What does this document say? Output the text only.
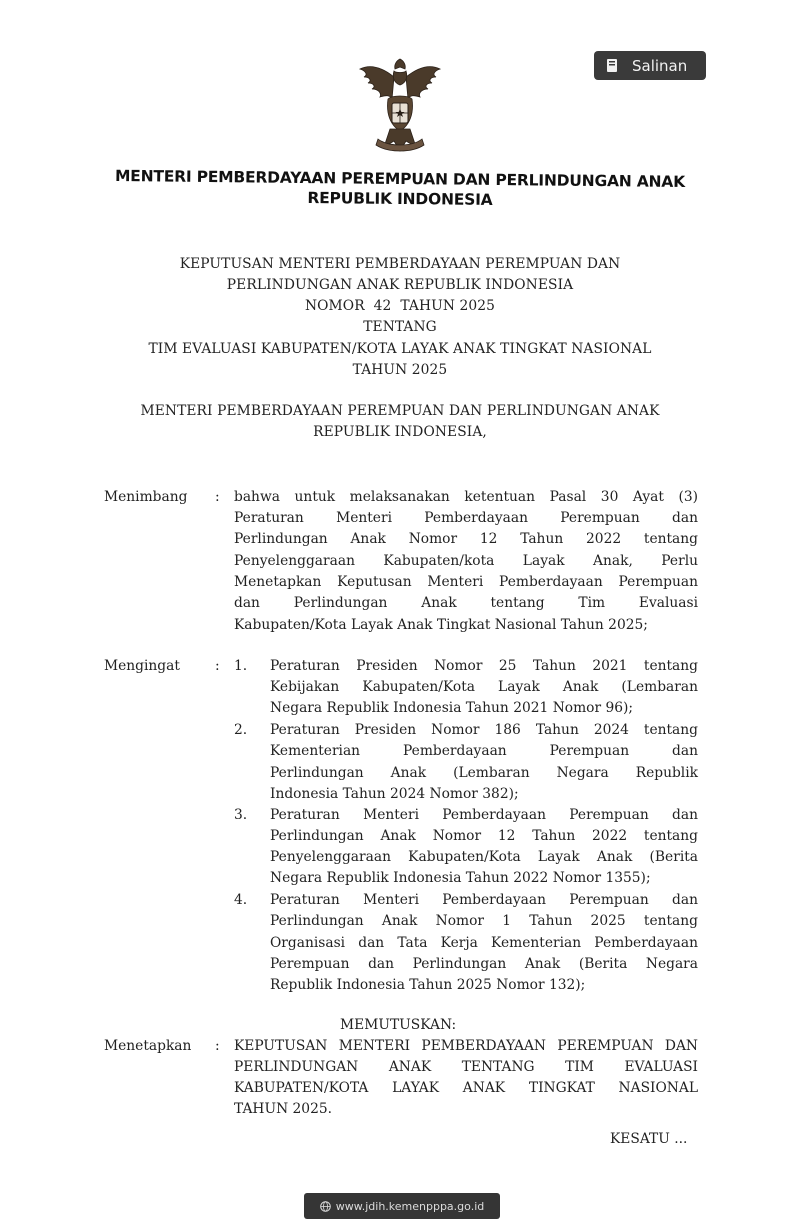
Salinan
MENTERI PEMBERDAYAAN PEREMPUAN DAN PERLINDUNGAN ANAK
REPUBLIK INDONESIA
KEPUTUSAN MENTERI PEMBERDAYAAN PEREMPUAN DAN
PERLINDUNGAN ANAK REPUBLIK INDONESIA
NOMOR  42  TAHUN 2025
TENTANG
TIM EVALUASI KABUPATEN/KOTA LAYAK ANAK TINGKAT NASIONAL
TAHUN 2025
MENTERI PEMBERDAYAAN PEREMPUAN DAN PERLINDUNGAN ANAK
REPUBLIK INDONESIA,
Menimbang : bahwa untuk melaksanakan ketentuan Pasal 30 Ayat (3)
Peraturan Menteri Pemberdayaan Perempuan dan
Perlindungan Anak Nomor 12 Tahun 2022 tentang
Penyelenggaraan Kabupaten/kota Layak Anak, Perlu
Menetapkan Keputusan Menteri Pemberdayaan Perempuan
dan Perlindungan Anak tentang Tim Evaluasi
Kabupaten/Kota Layak Anak Tingkat Nasional Tahun 2025;
Mengingat	: 1. Peraturan Presiden Nomor 25 Tahun 2021 tentang
Kebijakan Kabupaten/Kota Layak Anak (Lembaran
Negara Republik Indonesia Tahun 2021 Nomor 96);
2. Peraturan Presiden Nomor 186 Tahun 2024 tentang
Kementerian Pemberdayaan Perempuan dan
Perlindungan Anak (Lembaran Negara Republik
Indonesia Tahun 2024 Nomor 382);
3. Peraturan Menteri Pemberdayaan Perempuan dan
Perlindungan Anak Nomor 12 Tahun 2022 tentang
Penyelenggaraan Kabupaten/Kota Layak Anak (Berita
Negara Republik Indonesia Tahun 2022 Nomor 1355);
4. Peraturan Menteri Pemberdayaan Perempuan dan
Perlindungan Anak Nomor 1 Tahun 2025 tentang
Organisasi dan Tata Kerja Kementerian Pemberdayaan
Perempuan dan Perlindungan Anak (Berita Negara
Republik Indonesia Tahun 2025 Nomor 132);
MEMUTUSKAN:
Menetapkan : KEPUTUSAN MENTERI PEMBERDAYAAN PEREMPUAN DAN
PERLINDUNGAN ANAK TENTANG TIM EVALUASI
KABUPATEN/KOTA LAYAK ANAK TINGKAT NASIONAL
TAHUN 2025.
KESATU ...
www.jdih.kemenpppa.go.id
